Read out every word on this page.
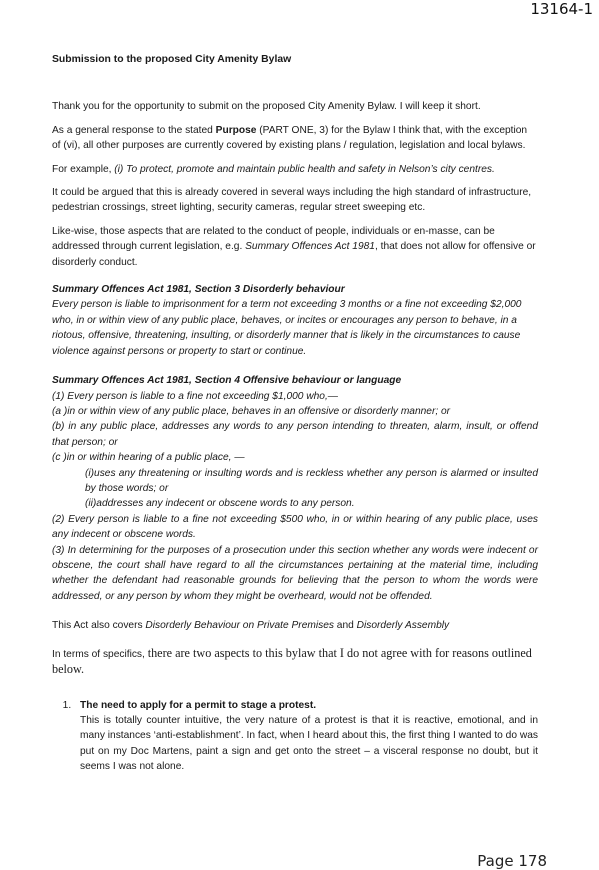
13164-1
Submission to the proposed City Amenity Bylaw

Thank you for the opportunity to submit on the proposed City Amenity Bylaw. I will keep it short.

As a general response to the stated Purpose (PART ONE, 3) for the Bylaw I think that, with the exception of (vi), all other purposes are currently covered by existing plans / regulation, legislation and local bylaws.

For example, (i) To protect, promote and maintain public health and safety in Nelson’s city centres.

It could be argued that this is already covered in several ways including the high standard of infrastructure, pedestrian crossings, street lighting, security cameras, regular street sweeping etc.

Like-wise, those aspects that are related to the conduct of people, individuals or en-masse, can be addressed through current legislation, e.g. Summary Offences Act 1981, that does not allow for offensive or disorderly conduct.

Summary Offences Act 1981, Section 3 Disorderly behaviour
Every person is liable to imprisonment for a term not exceeding 3 months or a fine not exceeding $2,000 who, in or within view of any public place, behaves, or incites or encourages any person to behave, in a riotous, offensive, threatening, insulting, or disorderly manner that is likely in the circumstances to cause violence against persons or property to start or continue.
Summary Offences Act 1981, Section 4 Offensive behaviour or language
(1) Every person is liable to a fine not exceeding $1,000 who,—
(a )in or within view of any public place, behaves in an offensive or disorderly manner; or
(b) in any public place, addresses any words to any person intending to threaten, alarm, insult, or offend that person; or
(c )in or within hearing of a public place, —
(i)uses any threatening or insulting words and is reckless whether any person is alarmed or insulted by those words; or
(ii)addresses any indecent or obscene words to any person.
(2) Every person is liable to a fine not exceeding $500 who, in or within hearing of any public place, uses any indecent or obscene words.
(3) In determining for the purposes of a prosecution under this section whether any words were indecent or obscene, the court shall have regard to all the circumstances pertaining at the material time, including whether the defendant had reasonable grounds for believing that the person to whom the words were addressed, or any person by whom they might be overheard, would not be offended.

This Act also covers Disorderly Behaviour on Private Premises and Disorderly Assembly

In terms of specifics, there are two aspects to this bylaw that I do not agree with for reasons outlined below.

1. The need to apply for a permit to stage a protest.
This is totally counter intuitive, the very nature of a protest is that it is reactive, emotional, and in many instances ‘anti-establishment’. In fact, when I heard about this, the first thing I wanted to do was put on my Doc Martens, paint a sign and get onto the street – a visceral response no doubt, but it seems I was not alone.
Page 178
